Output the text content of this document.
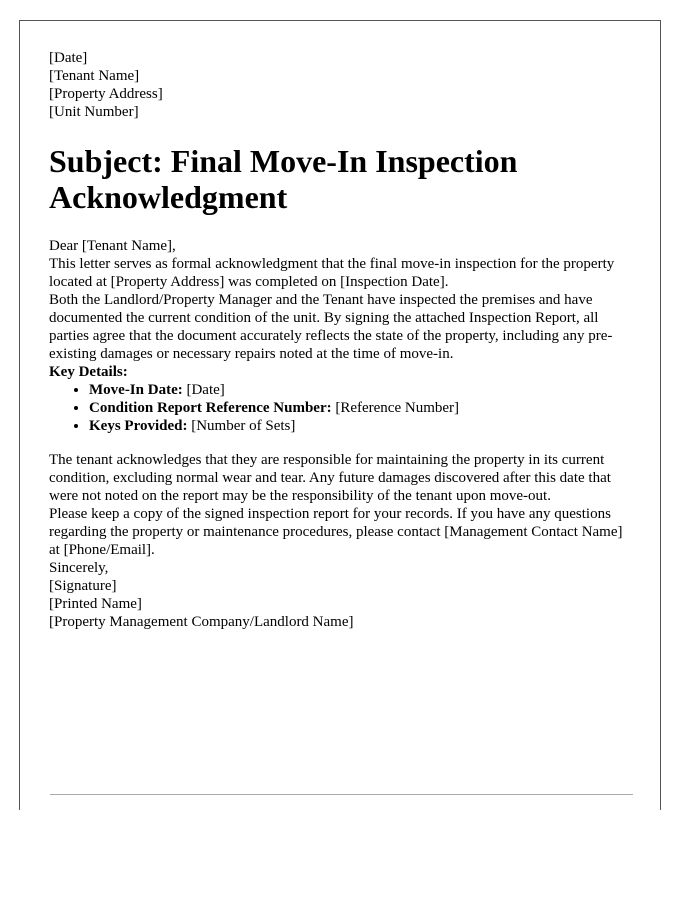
[Date]

[Tenant Name]
[Property Address]
[Unit Number]
Subject: Final Move-In Inspection Acknowledgment

Dear [Tenant Name],

This letter serves as formal acknowledgment that the final move-in inspection for the property located at [Property Address] was completed on [Inspection Date].

Both the Landlord/Property Manager and the Tenant have inspected the premises and have documented the current condition of the unit. By signing the attached Inspection Report, all parties agree that the document accurately reflects the state of the property, including any pre-existing damages or necessary repairs noted at the time of move-in.

Key Details:

• Move-In Date: [Date]
• Condition Report Reference Number: [Reference Number]
• Keys Provided: [Number of Sets]

The tenant acknowledges that they are responsible for maintaining the property in its current condition, excluding normal wear and tear. Any future damages discovered after this date that were not noted on the report may be the responsibility of the tenant upon move-out.

Please keep a copy of the signed inspection report for your records. If you have any questions regarding the property or maintenance procedures, please contact [Management Contact Name] at [Phone/Email].

Sincerely,

[Signature]
[Printed Name]
[Property Management Company/Landlord Name]
